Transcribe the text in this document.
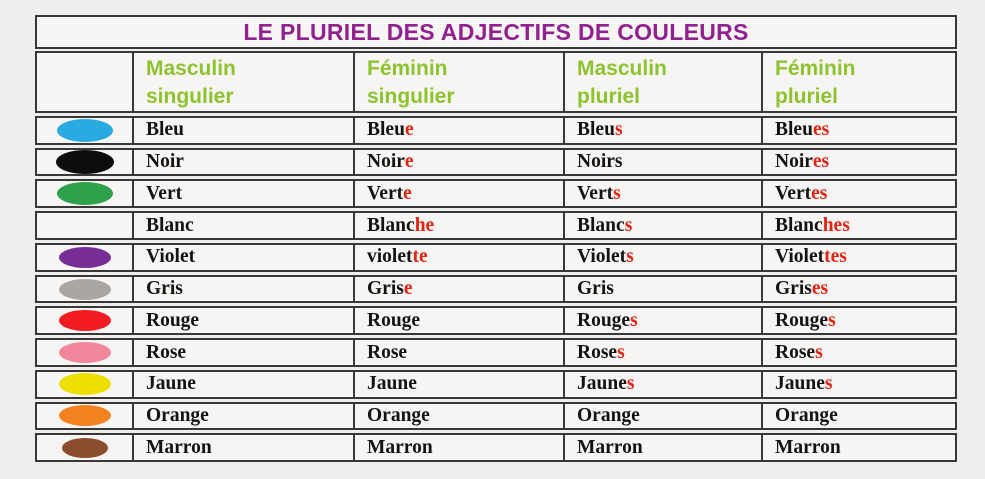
LE PLURIEL DES ADJECTIFS DE COULEURS
Masculin
singulier
Féminin
singulier
Masculin
pluriel
Féminin
pluriel
Bleu	Bleu e	Bleu s	Bleu es
Noir	Noir e	Noirs	Noir es
Vert	Vert e	Vert s	Vert es
Blanc	Blanc he	Blanc s	Blanc hes
Violet	violet te	Violet s	Violet tes
Gris	Gris e	Gris	Gris es
Rouge	Rouge	Rouge s	Rouge s
Rose	Rose	Rose s	Rose s
Jaune	Jaune	Jaune s	Jaune s
Orange	Orange	Orange	Orange
Marron	Marron	Marron	Marron
